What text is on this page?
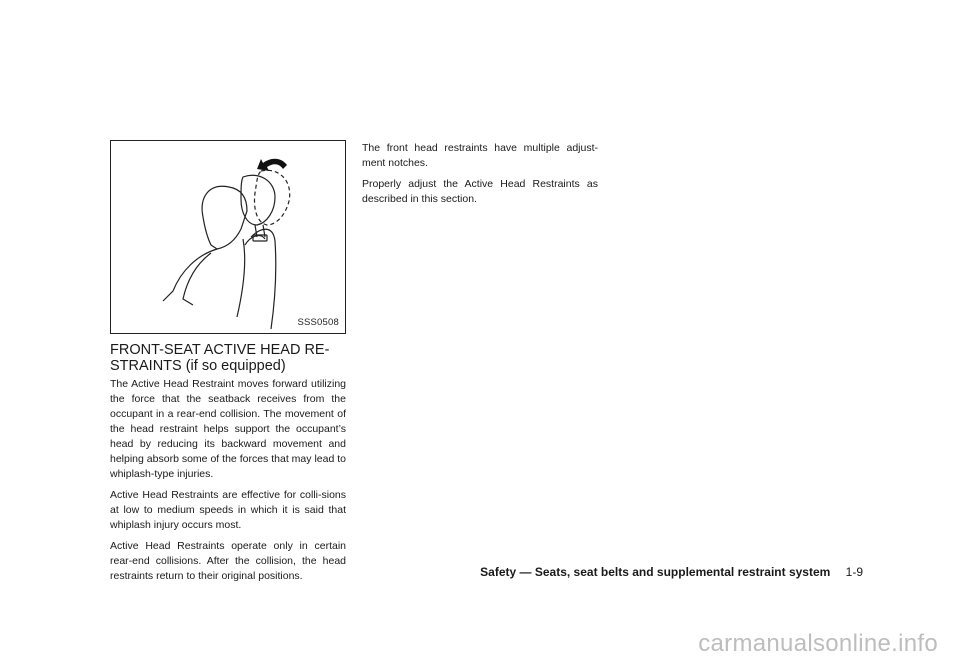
SSS0508
FRONT-SEAT ACTIVE HEAD RE-
STRAINTS (if so equipped)

The Active Head Restraint moves forward utilizing the force that the seatback receives from the occupant in a rear-end collision. The movement of the head restraint helps support the occupant’s head by reducing its backward movement and helping absorb some of the forces that may lead to whiplash-type injuries.

Active Head Restraints are effective for colli-sions at low to medium speeds in which it is said that whiplash injury occurs most.

Active Head Restraints operate only in certain rear-end collisions. After the collision, the head restraints return to their original positions.

The front head restraints have multiple adjust-ment notches.

Properly adjust the Active Head Restraints as described in this section.

Safety — Seats, seat belts and supplemental restraint system 1-9
carmanualsonline.info
